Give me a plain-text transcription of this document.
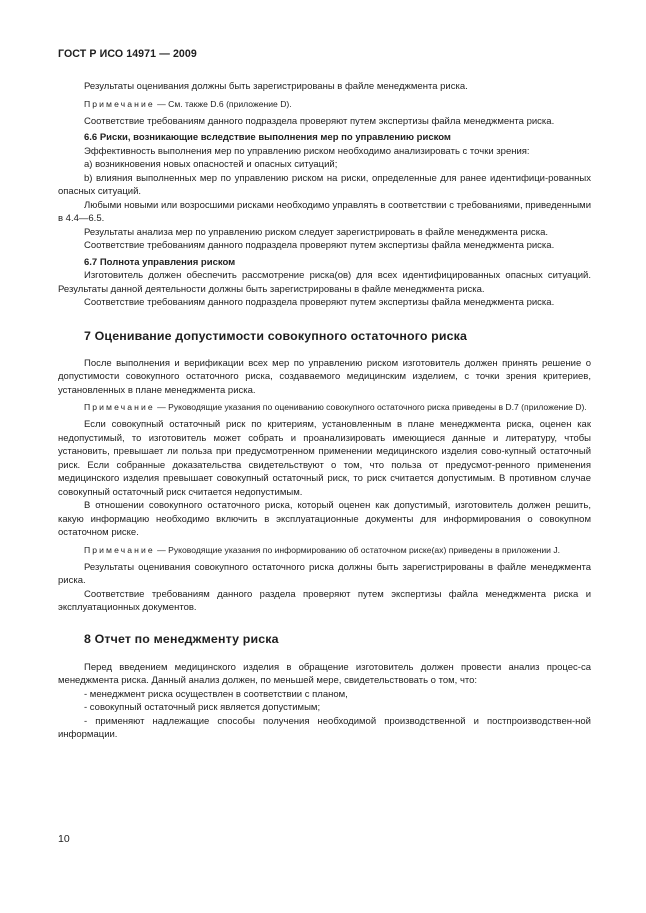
ГОСТ Р ИСО 14971 — 2009

Результаты оценивания должны быть зарегистрированы в файле менеджмента риска.

Примечание — См. также D.6 (приложение D).

Соответствие требованиям данного подраздела проверяют путем экспертизы файла менеджмента риска.

6.6 Риски, возникающие вследствие выполнения мер по управлению риском

Эффективность выполнения мер по управлению риском необходимо анализировать с точки зрения:

a) возникновения новых опасностей и опасных ситуаций;

b) влияния выполненных мер по управлению риском на риски, определенные для ранее идентифици-рованных опасных ситуаций.

Любыми новыми или возросшими рисками необходимо управлять в соответствии с требованиями, приведенными в 4.4—6.5.

Результаты анализа мер по управлению риском следует зарегистрировать в файле менеджмента риска.

Соответствие требованиям данного подраздела проверяют путем экспертизы файла менеджмента риска.

6.7 Полнота управления риском

Изготовитель должен обеспечить рассмотрение риска(ов) для всех идентифицированных опасных ситуаций. Результаты данной деятельности должны быть зарегистрированы в файле менеджмента риска.

Соответствие требованиям данного подраздела проверяют путем экспертизы файла менеджмента риска.

7 Оценивание допустимости совокупного остаточного риска

После выполнения и верификации всех мер по управлению риском изготовитель должен принять решение о допустимости совокупного остаточного риска, создаваемого медицинским изделием, с точки зрения критериев, установленных в плане менеджмента риска.

Примечание — Руководящие указания по оцениванию совокупного остаточного риска приведены в D.7 (приложение D).

Если совокупный остаточный риск по критериям, установленным в плане менеджмента риска, оценен как недопустимый, то изготовитель может собрать и проанализировать имеющиеся данные и литературу, чтобы установить, превышает ли польза при предусмотренном применении медицинского изделия сово-купный остаточный риск. Если собранные доказательства свидетельствуют о том, что польза от предусмот-ренного применения медицинского изделия превышает совокупный остаточный риск, то риск считается допустимым. В противном случае совокупный остаточный риск считается недопустимым.

В отношении совокупного остаточного риска, который оценен как допустимый, изготовитель должен решить, какую информацию необходимо включить в эксплуатационные документы для информирования о совокупном остаточном риске.

Примечание — Руководящие указания по информированию об остаточном риске(ах) приведены в приложении J.

Результаты оценивания совокупного остаточного риска должны быть зарегистрированы в файле менеджмента риска.

Соответствие требованиям данного раздела проверяют путем экспертизы файла менеджмента риска и эксплуатационных документов.

8 Отчет по менеджменту риска

Перед введением медицинского изделия в обращение изготовитель должен провести анализ процес-са менеджмента риска. Данный анализ должен, по меньшей мере, свидетельствовать о том, что:

- менеджмент риска осуществлен в соответствии с планом,

- совокупный остаточный риск является допустимым;

- применяют надлежащие способы получения необходимой производственной и постпроизводствен-ной информации.

10
